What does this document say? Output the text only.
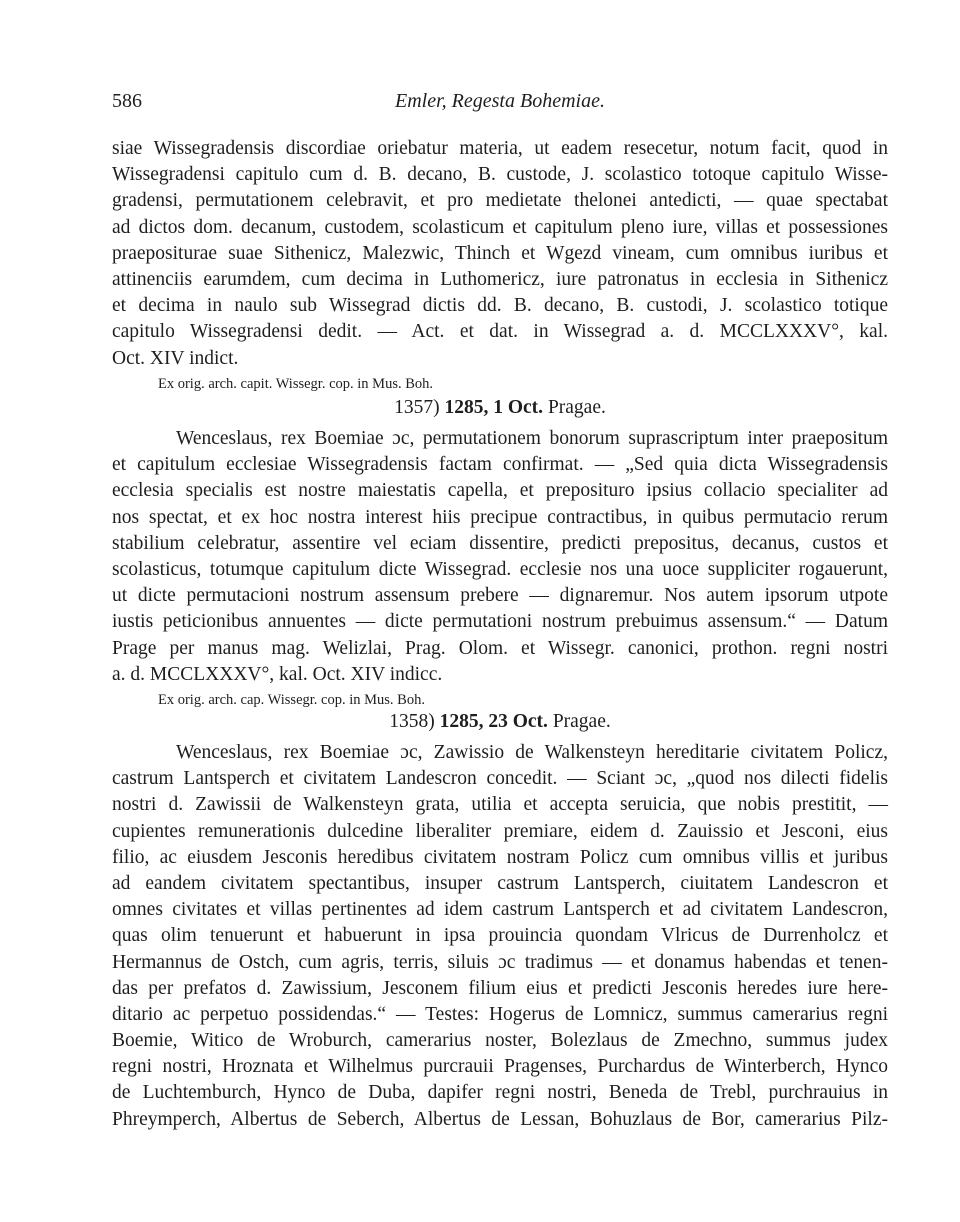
586	Emler, Regesta Bohemiae.
siae Wissegradensis discordiae oriebatur materia, ut eadem resecetur, notum facit, quod in
Wissegradensi capitulo cum d. B. decano, B. custode, J. scolastico totoque capitulo Wisse-
gradensi, permutationem celebravit, et pro medietate thelonei antedicti, — quae spectabat
ad dictos dom. decanum, custodem, scolasticum et capitulum pleno iure, villas et possessiones
praepositurae suae Sithenicz, Malezwic, Thinch et Wgezd vineam, cum omnibus iuribus et
attinenciis earumdem, cum decima in Luthomericz, iure patronatus in ecclesia in Sithenicz
et decima in naulo sub Wissegrad dictis dd. B. decano, B. custodi, J. scolastico totique
capitulo Wissegradensi dedit. — Act. et dat. in Wissegrad a. d. MCCLXXXV°, kal.
Oct. XIV indict.
Ex orig. arch. capit. Wissegr. cop. in Mus. Boh.
1357) 1285, 1 Oct. Pragae.
Wenceslaus, rex Boemiae ɔc, permutationem bonorum suprascriptum inter praepositum
et capitulum ecclesiae Wissegradensis factam confirmat. — „Sed quia dicta Wissegradensis
ecclesia specialis est nostre maiestatis capella, et preposituro ipsius collacio specialiter ad
nos spectat, et ex hoc nostra interest hiis precipue contractibus, in quibus permutacio rerum
stabilium celebratur, assentire vel eciam dissentire, predicti prepositus, decanus, custos et
scolasticus, totumque capitulum dicte Wissegrad. ecclesie nos una uoce suppliciter rogauerunt,
ut dicte permutacioni nostrum assensum prebere — dignaremur. Nos autem ipsorum utpote
iustis peticionibus annuentes — dicte permutationi nostrum prebuimus assensum.“ — Datum
Prage per manus mag. Welizlai, Prag. Olom. et Wissegr. canonici, prothon. regni nostri
a. d. MCCLXXXV°, kal. Oct. XIV indicc.
Ex orig. arch. cap. Wissegr. cop. in Mus. Boh.
1358) 1285, 23 Oct. Pragae.
Wenceslaus, rex Boemiae ɔc, Zawissio de Walkensteyn hereditarie civitatem Policz,
castrum Lantsperch et civitatem Landescron concedit. — Sciant ɔc, „quod nos dilecti fidelis
nostri d. Zawissii de Walkensteyn grata, utilia et accepta seruicia, que nobis prestitit, —
cupientes remunerationis dulcedine liberaliter premiare, eidem d. Zauissio et Jesconi, eius
filio, ac eiusdem Jesconis heredibus civitatem nostram Policz cum omnibus villis et juribus
ad eandem civitatem spectantibus, insuper castrum Lantsperch, ciuitatem Landescron et
omnes civitates et villas pertinentes ad idem castrum Lantsperch et ad civitatem Landescron,
quas olim tenuerunt et habuerunt in ipsa prouincia quondam Vlricus de Durrenholcz et
Hermannus de Ostch, cum agris, terris, siluis ɔc tradimus — et donamus habendas et tenen-
das per prefatos d. Zawissium, Jesconem filium eius et predicti Jesconis heredes iure here-
ditario ac perpetuo possidendas.“ — Testes: Hogerus de Lomnicz, summus camerarius regni
Boemie, Witico de Wroburch, camerarius noster, Bolezlaus de Zmechno, summus judex
regni nostri, Hroznata et Wilhelmus purcrauii Pragenses, Purchardus de Winterberch, Hynco
de Luchtemburch, Hynco de Duba, dapifer regni nostri, Beneda de Trebl, purchrauius in
Phreymperch, Albertus de Seberch, Albertus de Lessan, Bohuzlaus de Bor, camerarius Pilz-
